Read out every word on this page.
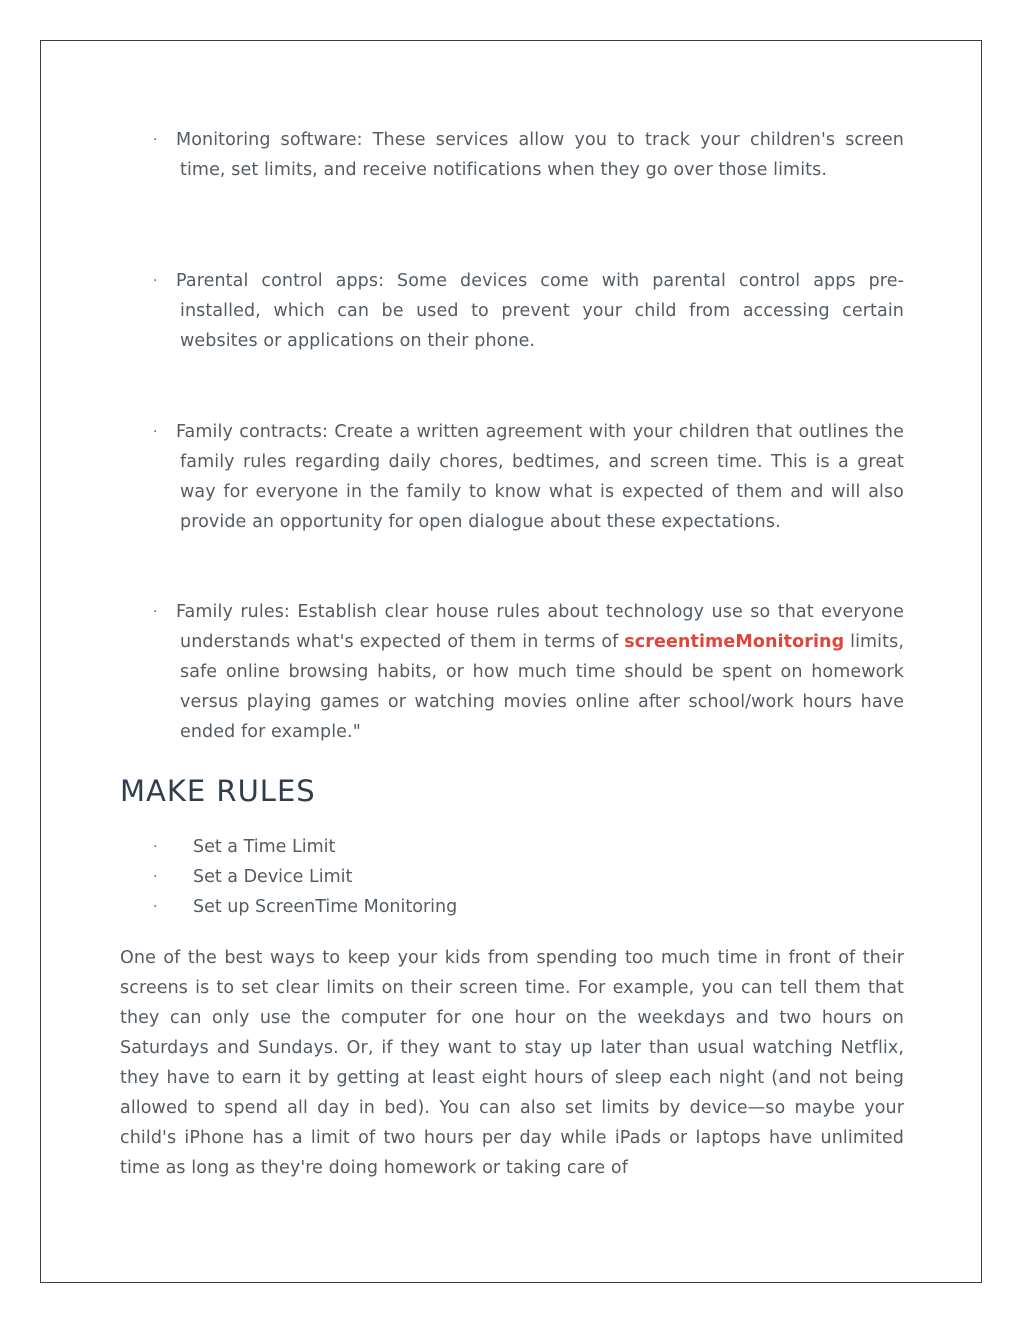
·	Monitoring software: These services allow you to track your children's screen time, set limits, and receive notifications when they go over those limits.
·	Parental control apps: Some devices come with parental control apps pre-installed, which can be used to prevent your child from accessing certain websites or applications on their phone.
·	Family contracts: Create a written agreement with your children that outlines the family rules regarding daily chores, bedtimes, and screen time. This is a great way for everyone in the family to know what is expected of them and will also provide an opportunity for open dialogue about these expectations.
·	Family rules: Establish clear house rules about technology use so that everyone understands what's expected of them in terms of screentimeMonitoring limits, safe online browsing habits, or how much time should be spent on homework versus playing games or watching movies online after school/work hours have ended for example."
MAKE RULES
· Set a Time Limit
· Set a Device Limit
· Set up ScreenTime Monitoring

One of the best ways to keep your kids from spending too much time in front of their screens is to set clear limits on their screen time. For example, you can tell them that they can only use the computer for one hour on the weekdays and two hours on Saturdays and Sundays. Or, if they want to stay up later than usual watching Netflix, they have to earn it by getting at least eight hours of sleep each night (and not being allowed to spend all day in bed). You can also set limits by device—so maybe your child's iPhone has a limit of two hours per day while iPads or laptops have unlimited time as long as they're doing homework or taking care of
